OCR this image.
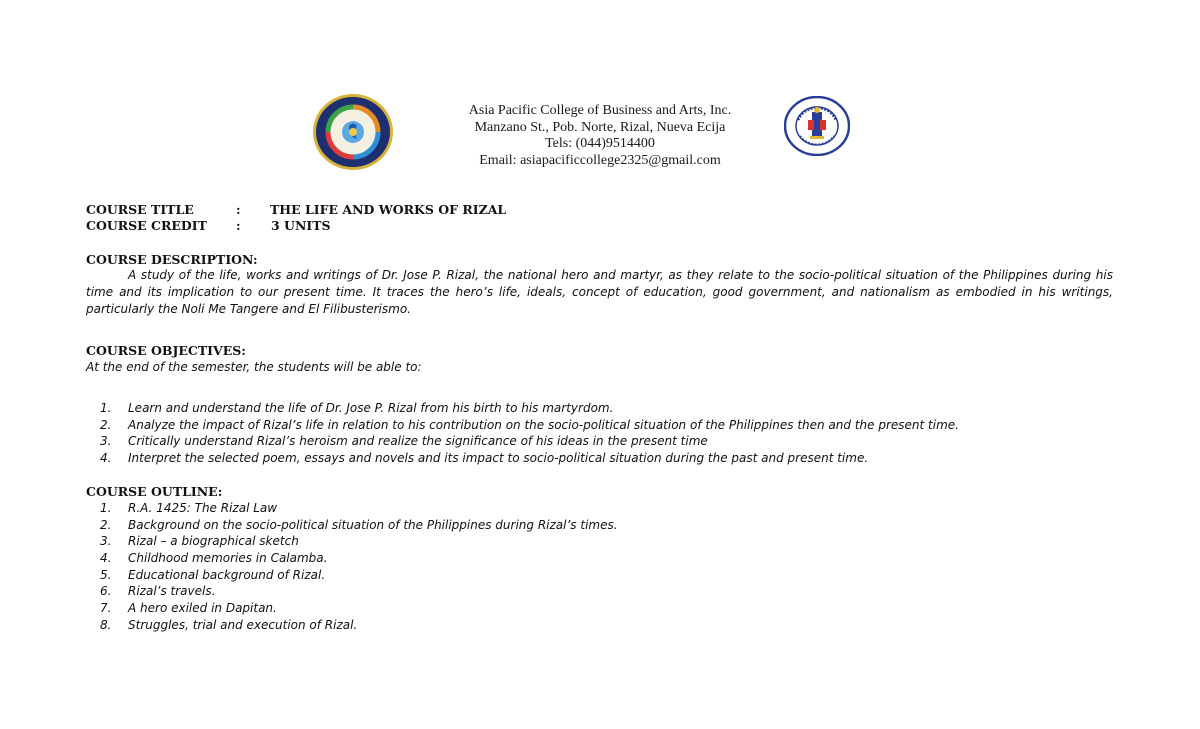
Asia Pacific College of Business and Arts, Inc.
Manzano St., Pob. Norte, Rizal, Nueva Ecija
Tels: (044)9514400
Email: asiapacificcollege2325@gmail.com
COURSE TITLE	: THE LIFE AND WORKS OF RIZAL
COURSE CREDIT : 3 UNITS
COURSE DESCRIPTION:

A study of the life, works and writings of Dr. Jose P. Rizal, the national hero and martyr, as they relate to the socio-political situation of the Philippines during his time and its implication to our present time. It traces the hero’s life, ideals, concept of education, good government, and nationalism as embodied in his writings, particularly the Noli Me Tangere and El Filibusterismo.

COURSE OBJECTIVES:
At the end of the semester, the students will be able to:
1. Learn and understand the life of Dr. Jose P. Rizal from his birth to his martyrdom.
2. Analyze the impact of Rizal’s life in relation to his contribution on the socio-political situation of the Philippines then and the present time.
3. Critically understand Rizal’s heroism and realize the significance of his ideas in the present time
4. Interpret the selected poem, essays and novels and its impact to socio-political situation during the past and present time.
COURSE OUTLINE:
1. R.A. 1425: The Rizal Law
2. Background on the socio-political situation of the Philippines during Rizal’s times.
3. Rizal – a biographical sketch
4. Childhood memories in Calamba.
5. Educational background of Rizal.
6. Rizal’s travels.
7. A hero exiled in Dapitan.
8. Struggles, trial and execution of Rizal.
